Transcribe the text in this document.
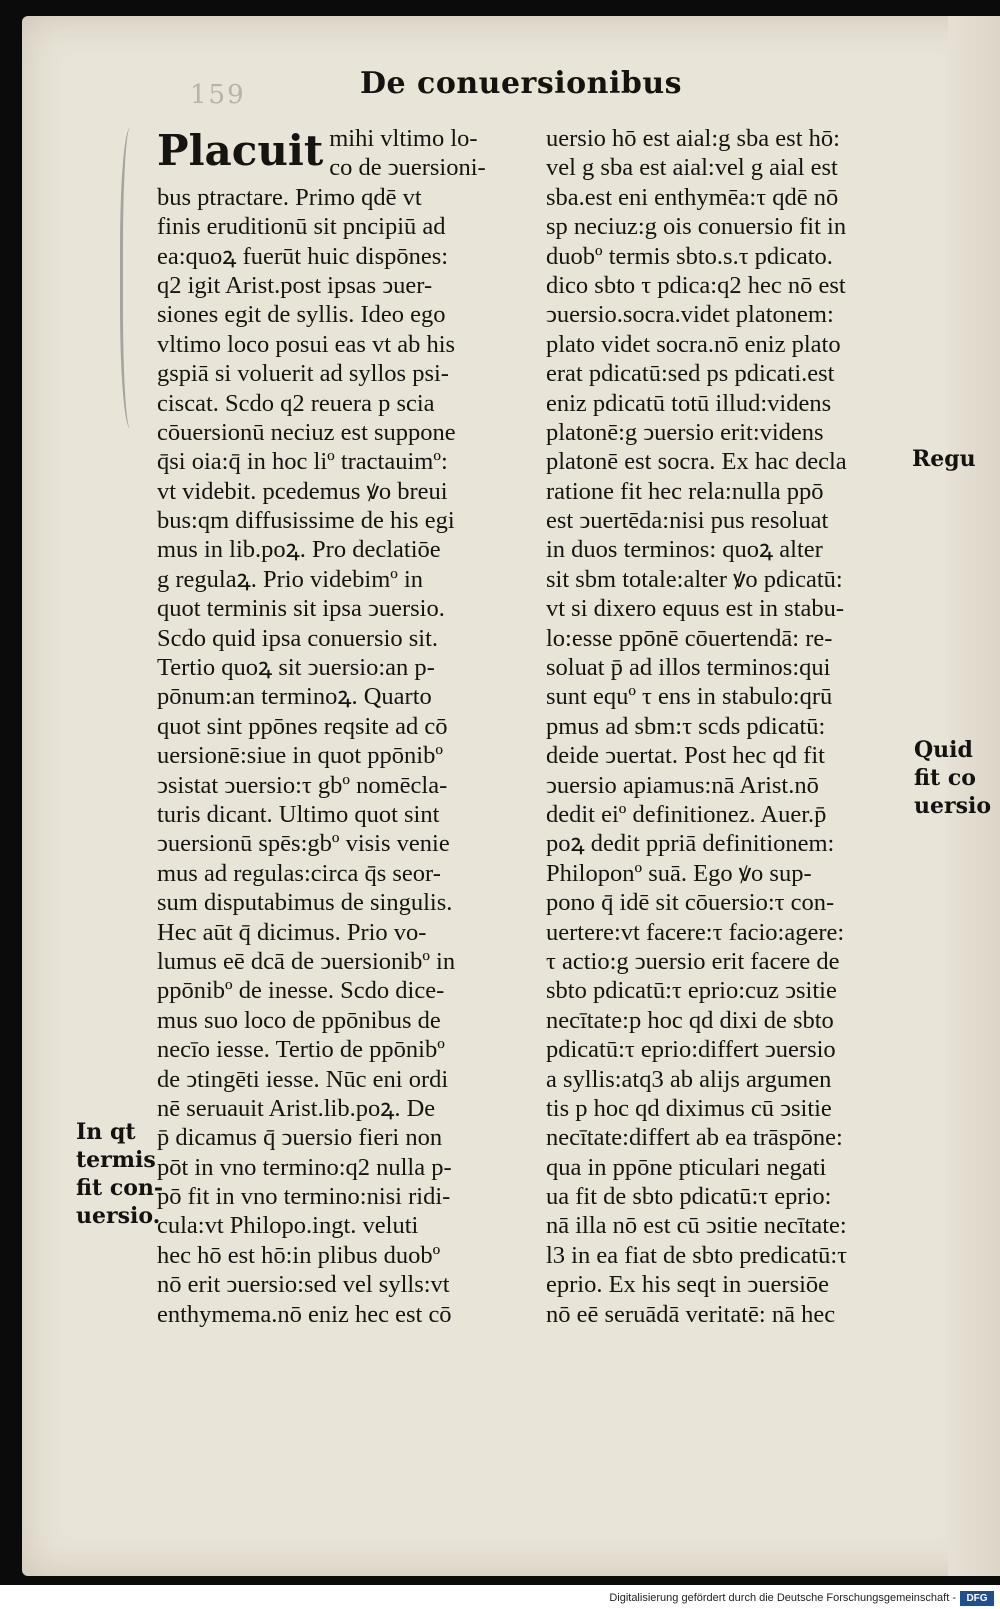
159	De conuersionibus
Placuit mihi vltimo lo-
co de ↄuersioni-
bus ptractare. Primo qdē vt
finis eruditionū sit pncipiū ad
ea:quoꝝ fuerūt huic dispōnes:
q2 igit Arist.post ipsas ↄuer-
siones egit de syllis. Ideo ego
vltimo loco posui eas vt ab his
gspiā si voluerit ad syllos psi-
ciscat. Scdo q2 reuera p scia
cōuersionū neciuz est suppone
q̄si oia:q̄ in hoc liº tractauimº:
vt videbit. pcedemus ꝟo breui
bus:qm diffusissime de his egi
mus in lib.poꝝ. Pro declatiōe
g regulaꝝ. Prio videbimº in
quot terminis sit ipsa ↄuersio.
Scdo quid ipsa conuersio sit.
Tertio quoꝝ sit ↄuersio:an p-
pōnum:an terminoꝝ. Quarto
quot sint ppōnes reqsite ad cō
uersionē:siue in quot ppōnibº
ↄsistat ↄuersio:τ gbº nomēcla-
turis dicant. Ultimo quot sint
ↄuersionū spēs:gbº visis venie
mus ad regulas:circa q̄s seor-
sum disputabimus de singulis.
Hec aūt q̄ dicimus. Prio vo-
lumus eē dcā de ↄuersionibº in
ppōnibº de inesse. Scdo dice-
mus suo loco de ppōnibus de
necīo iesse. Tertio de ppōnibº
de ↄtingēti iesse. Nūc eni ordi
nē seruauit Arist.lib.poꝝ. De
p̄ dicamus q̄ ↄuersio fieri non
pōt in vno termino:q2 nulla p-
pō fit in vno termino:nisi ridi-
cula:vt Philopo.ingt. veluti
hec hō est hō:in plibus duobº
nō erit ↄuersio:sed vel sylls:vt
enthymema.nō eniz hec est cō
uersio hō est aial:g sba est hō:
vel g sba est aial:vel g aial est
sba.est eni enthymēa:τ qdē nō
sp neciuz:g ois conuersio fit in
duobº termis sbto.s.τ pdicato.
dico sbto τ pdica:q2 hec nō est
ↄuersio.socra.videt platonem:
plato videt socra.nō eniz plato
erat pdicatū:sed ps pdicati.est
eniz pdicatū totū illud:videns
platonē:g ↄuersio erit:videns
platonē est socra. Ex hac decla
ratione fit hec rela:nulla ppō
est ↄuertēda:nisi pus resoluat
in duos terminos: quoꝝ alter
sit sbm totale:alter ꝟo pdicatū:
vt si dixero equus est in stabu-
lo:esse ppōnē cōuertendā: re-
soluat p̄ ad illos terminos:qui
sunt equº τ ens in stabulo:qrū
pmus ad sbm:τ scds pdicatū:
deide ↄuertat. Post hec qd fit
ↄuersio apiamus:nā Arist.nō
dedit eiº definitionez. Auer.p̄
poꝝ dedit ppriā definitionem:
Philoponº suā. Ego ꝟo sup-
pono q̄ idē sit cōuersio:τ con-
uertere:vt facere:τ facio:agere:
τ actio:g ↄuersio erit facere de
sbto pdicatū:τ eprio:cuz ↄsitie
necītate:p hoc qd dixi de sbto
pdicatū:τ eprio:differt ↄuersio
a syllis:atq3 ab alijs argumen
tis p hoc qd diximus cū ↄsitie
necītate:differt ab ea trāspōne:
qua in ppōne pticulari negati
ua fit de sbto pdicatū:τ eprio:
nā illa nō est cū ↄsitie necītate:
l3 in ea fiat de sbto predicatū:τ
eprio. Ex his seqt in ↄuersiōe
nō eē seruādā veritatē: nā hec
In qt
termis
fit con-
uersio.
Regu
Quid
fit co
uersio
Digitalisierung gefördert durch die Deutsche Forschungsgemeinschaft -	DFG
